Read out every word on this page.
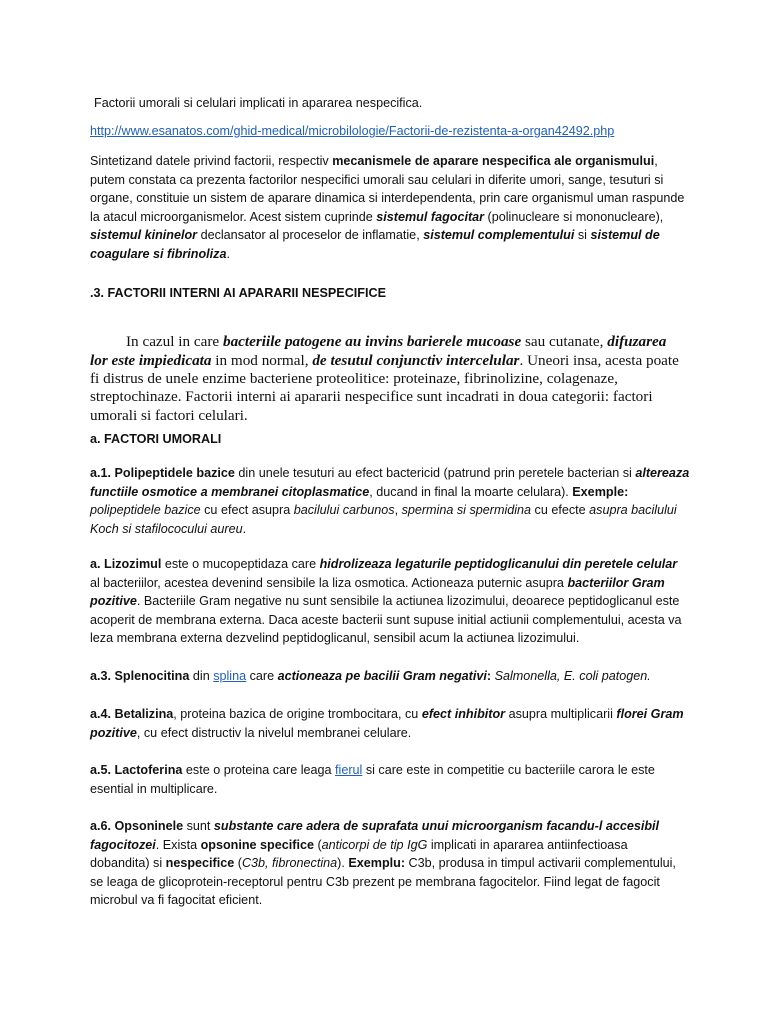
Factorii umorali si celulari implicati in apararea nespecifica.

http://www.esanatos.com/ghid-medical/microbilologie/Factorii-de-rezistenta-a-organ42492.php

Sintetizand datele privind factorii, respectiv mecanismele de aparare nespecifica ale organismului, putem constata ca prezenta factorilor nespecifici umorali sau celulari in diferite umori, sange, tesuturi si organe, constituie un sistem de aparare dinamica si interdependenta, prin care organismul uman raspunde la atacul microorganismelor. Acest sistem cuprinde sistemul fagocitar (polinucleare si mononucleare), sistemul kininelor declansator al proceselor de inflamatie, sistemul complementului si sistemul de coagulare si fibrinoliza.

.3. FACTORII INTERNI AI APARARII NESPECIFICE

In cazul in care bacteriile patogene au invins barierele mucoase sau cutanate, difuzarea lor este impiedicata in mod normal, de tesutul conjunctiv intercelular. Uneori insa, acesta poate fi distrus de unele enzime bacteriene proteolitice: proteinaze, fibrinolizine, colagenaze, streptochinaze. Factorii interni ai apararii nespecifice sunt incadrati in doua categorii: factori umorali si factori celulari.

a. FACTORI UMORALI

a.1. Polipeptidele bazice din unele tesuturi au efect bactericid (patrund prin peretele bacterian si altereaza functiile osmotice a membranei citoplasmatice, ducand in final la moarte celulara). Exemple: polipeptidele bazice cu efect asupra bacilului carbunos, spermina si spermidina cu efecte asupra bacilului Koch si stafilococului aureu.

a. Lizozimul este o mucopeptidaza care hidrolizeaza legaturile peptidoglicanului din peretele celular al bacteriilor, acestea devenind sensibile la liza osmotica. Actioneaza puternic asupra bacteriilor Gram pozitive. Bacteriile Gram negative nu sunt sensibile la actiunea lizozimului, deoarece peptidoglicanul este acoperit de membrana externa. Daca aceste bacterii sunt supuse initial actiunii complementului, acesta va leza membrana externa dezvelind peptidoglicanul, sensibil acum la actiunea lizozimului.

a.3. Splenocitina din splina care actioneaza pe bacilii Gram negativi: Salmonella, E. coli patogen.

a.4. Betalizina, proteina bazica de origine trombocitara, cu efect inhibitor asupra multiplicarii florei Gram pozitive, cu efect distructiv la nivelul membranei celulare.

a.5. Lactoferina este o proteina care leaga fierul si care este in competitie cu bacteriile carora le este esential in multiplicare.

a.6. Opsoninele sunt substante care adera de suprafata unui microorganism facandu-l accesibil fagocitozei. Exista opsonine specifice (anticorpi de tip IgG implicati in apararea antiinfectioasa dobandita) si nespecifice (C3b, fibronectina). Exemplu: C3b, produsa in timpul activarii complementului, se leaga de glicoprotein-receptorul pentru C3b prezent pe membrana fagocitelor. Fiind legat de fagocit microbul va fi fagocitat eficient.
